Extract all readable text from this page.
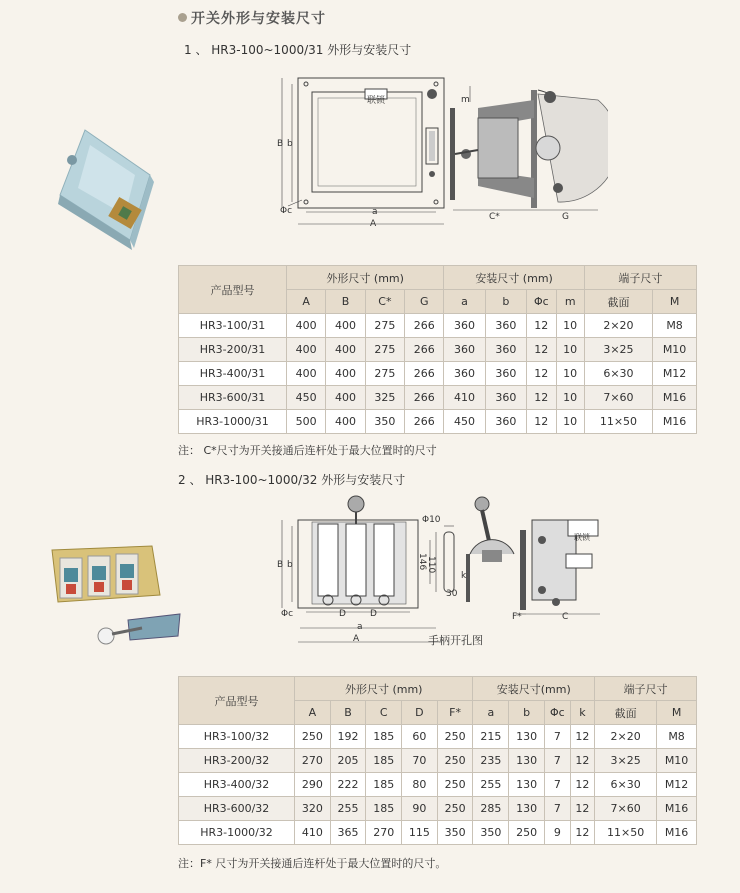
开关外形与安装尺寸
1 、 HR3-100~1000/31 外形与安装尺寸
联锁
B b
Φc	a
A
m
C*	G
产品型号	外形尺寸 (mm)				安装尺寸 (mm)				端子尺寸	
	A	B	C*	G	a	b	Φc	m	截面	M
HR3-100/31	400	400	275	266	360	360	12	10	2×20	M8
HR3-200/31	400	400	275	266	360	360	12	10	3×25	M10
HR3-400/31	400	400	275	266	360	360	12	10	6×30	M12
HR3-600/31	450	400	325	266	410	360	12	10	7×60	M16
HR3-1000/31	500	400	350	266	450	360	12	10	11×50	M16
注： C*尺寸为开关接通后连杆处于最大位置时的尺寸
2 、 HR3-100~1000/32 外形与安装尺寸
B b
Φc	D	D
a
A
Φ10
146 110
k
30
手柄开孔图
联锁
F*	C
产品型号	外形尺寸 (mm)					安装尺寸(mm)				端子尺寸	
	A	B	C	D	F*	a	b	Φc	k	截面	M
HR3-100/32	250	192	185	60	250	215	130	7	12	2×20	M8
HR3-200/32	270	205	185	70	250	235	130	7	12	3×25	M10
HR3-400/32	290	222	185	80	250	255	130	7	12	6×30	M12
HR3-600/32	320	255	185	90	250	285	130	7	12	7×60	M16
HR3-1000/32	410	365	270	115	350	350	250	9	12	11×50	M16
注：F* 尺寸为开关接通后连杆处于最大位置时的尺寸。
